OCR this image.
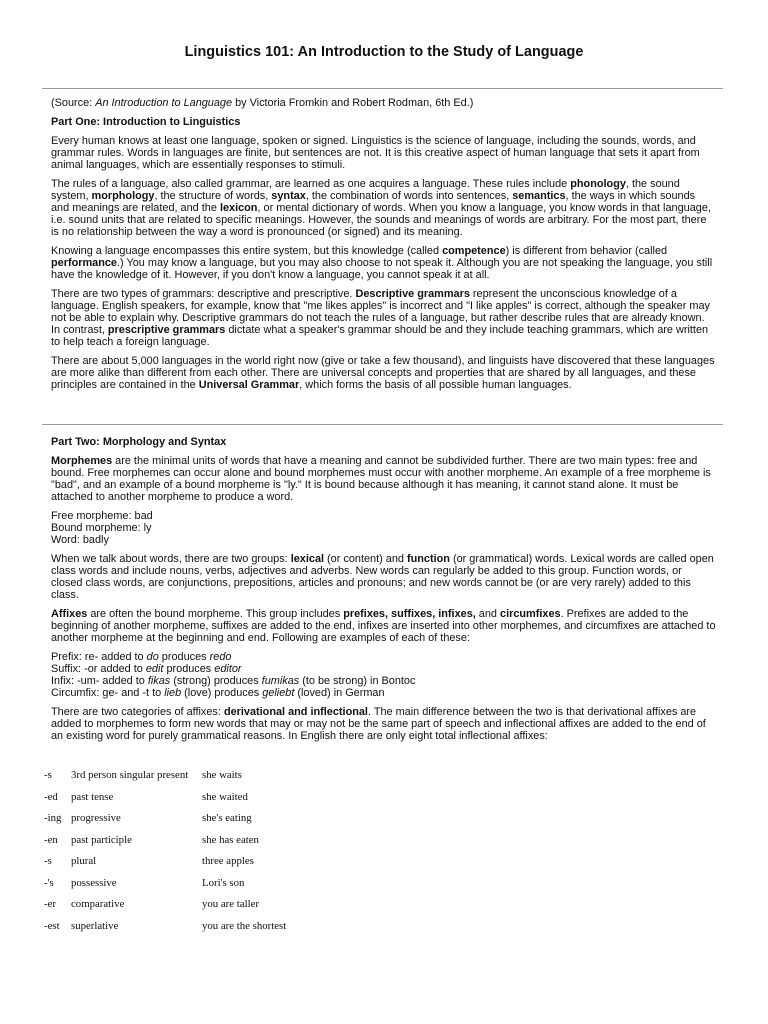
Linguistics 101: An Introduction to the Study of Language

(Source: An Introduction to Language by Victoria Fromkin and Robert Rodman, 6th Ed.)

Part One: Introduction to Linguistics

Every human knows at least one language, spoken or signed. Linguistics is the science of language, including the sounds, words, and grammar rules. Words in languages are finite, but sentences are not. It is this creative aspect of human language that sets it apart from animal languages, which are essentially responses to stimuli.

The rules of a language, also called grammar, are learned as one acquires a language. These rules include phonology, the sound system, morphology, the structure of words, syntax, the combination of words into sentences, semantics, the ways in which sounds and meanings are related, and the lexicon, or mental dictionary of words. When you know a language, you know words in that language, i.e. sound units that are related to specific meanings. However, the sounds and meanings of words are arbitrary. For the most part, there is no relationship between the way a word is pronounced (or signed) and its meaning.

Knowing a language encompasses this entire system, but this knowledge (called competence) is different from behavior (called performance.) You may know a language, but you may also choose to not speak it. Although you are not speaking the language, you still have the knowledge of it. However, if you don't know a language, you cannot speak it at all.

There are two types of grammars: descriptive and prescriptive. Descriptive grammars represent the unconscious knowledge of a language. English speakers, for example, know that "me likes apples" is incorrect and "I like apples" is correct, although the speaker may not be able to explain why. Descriptive grammars do not teach the rules of a language, but rather describe rules that are already known. In contrast, prescriptive grammars dictate what a speaker's grammar should be and they include teaching grammars, which are written to help teach a foreign language.

There are about 5,000 languages in the world right now (give or take a few thousand), and linguists have discovered that these languages are more alike than different from each other. There are universal concepts and properties that are shared by all languages, and these principles are contained in the Universal Grammar, which forms the basis of all possible human languages.

Part Two: Morphology and Syntax

Morphemes are the minimal units of words that have a meaning and cannot be subdivided further. There are two main types: free and bound. Free morphemes can occur alone and bound morphemes must occur with another morpheme. An example of a free morpheme is "bad", and an example of a bound morpheme is "ly." It is bound because although it has meaning, it cannot stand alone. It must be attached to another morpheme to produce a word.

Free morpheme: bad
Bound morpheme: ly
Word: badly

When we talk about words, there are two groups: lexical (or content) and function (or grammatical) words. Lexical words are called open class words and include nouns, verbs, adjectives and adverbs. New words can regularly be added to this group. Function words, or closed class words, are conjunctions, prepositions, articles and pronouns; and new words cannot be (or are very rarely) added to this class.

Affixes are often the bound morpheme. This group includes prefixes, suffixes, infixes, and circumfixes. Prefixes are added to the beginning of another morpheme, suffixes are added to the end, infixes are inserted into other morphemes, and circumfixes are attached to another morpheme at the beginning and end. Following are examples of each of these:

Prefix: re- added to do produces redo
Suffix: -or added to edit produces editor
Infix: -um- added to fikas (strong) produces fumikas (to be strong) in Bontoc
Circumfix: ge- and -t to lieb (love) produces geliebt (loved) in German

There are two categories of affixes: derivational and inflectional. The main difference between the two is that derivational affixes are added to morphemes to form new words that may or may not be the same part of speech and inflectional affixes are added to the end of an existing word for purely grammatical reasons. In English there are only eight total inflectional affixes:

-s	3rd person singular present	she waits
-ed	past tense	she waited
-ing	progressive	she's eating
-en	past participle	she has eaten
-s	plural	three apples
-'s	possessive	Lori's son
-er	comparative	you are taller
-est	superlative	you are the shortest
